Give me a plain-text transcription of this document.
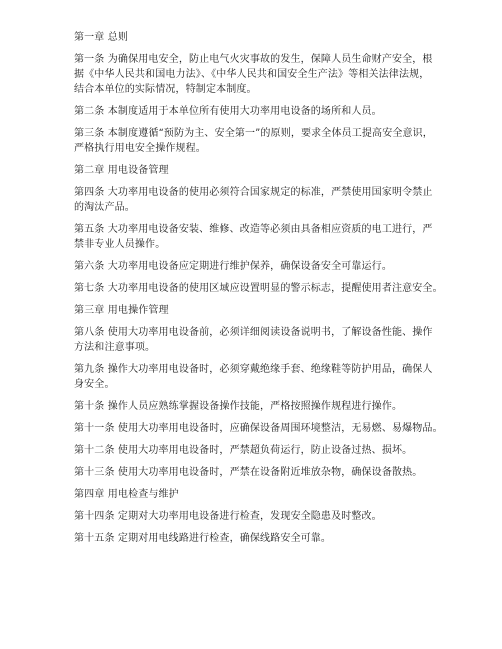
第一章 总则
第一条 为确保用电安全，防止电气火灾事故的发生，保障人员生命财产安全，根
据《中华人民共和国电力法》、《中华人民共和国安全生产法》等相关法律法规，
结合本单位的实际情况，特制定本制度。
第二条 本制度适用于本单位所有使用大功率用电设备的场所和人员。
第三条 本制度遵循“预防为主、安全第一”的原则，要求全体员工提高安全意识，
严格执行用电安全操作规程。
第二章 用电设备管理
第四条 大功率用电设备的使用必须符合国家规定的标准，严禁使用国家明令禁止
的淘汰产品。
第五条 大功率用电设备安装、维修、改造等必须由具备相应资质的电工进行，严
禁非专业人员操作。
第六条 大功率用电设备应定期进行维护保养，确保设备安全可靠运行。
第七条 大功率用电设备的使用区域应设置明显的警示标志，提醒使用者注意安全。
第三章 用电操作管理
第八条 使用大功率用电设备前，必须详细阅读设备说明书，了解设备性能、操作
方法和注意事项。
第九条 操作大功率用电设备时，必须穿戴绝缘手套、绝缘鞋等防护用品，确保人
身安全。
第十条 操作人员应熟练掌握设备操作技能，严格按照操作规程进行操作。
第十一条 使用大功率用电设备时，应确保设备周围环境整洁，无易燃、易爆物品。
第十二条 使用大功率用电设备时，严禁超负荷运行，防止设备过热、损坏。
第十三条 使用大功率用电设备时，严禁在设备附近堆放杂物，确保设备散热。
第四章 用电检查与维护
第十四条 定期对大功率用电设备进行检查，发现安全隐患及时整改。
第十五条 定期对用电线路进行检查，确保线路安全可靠。
